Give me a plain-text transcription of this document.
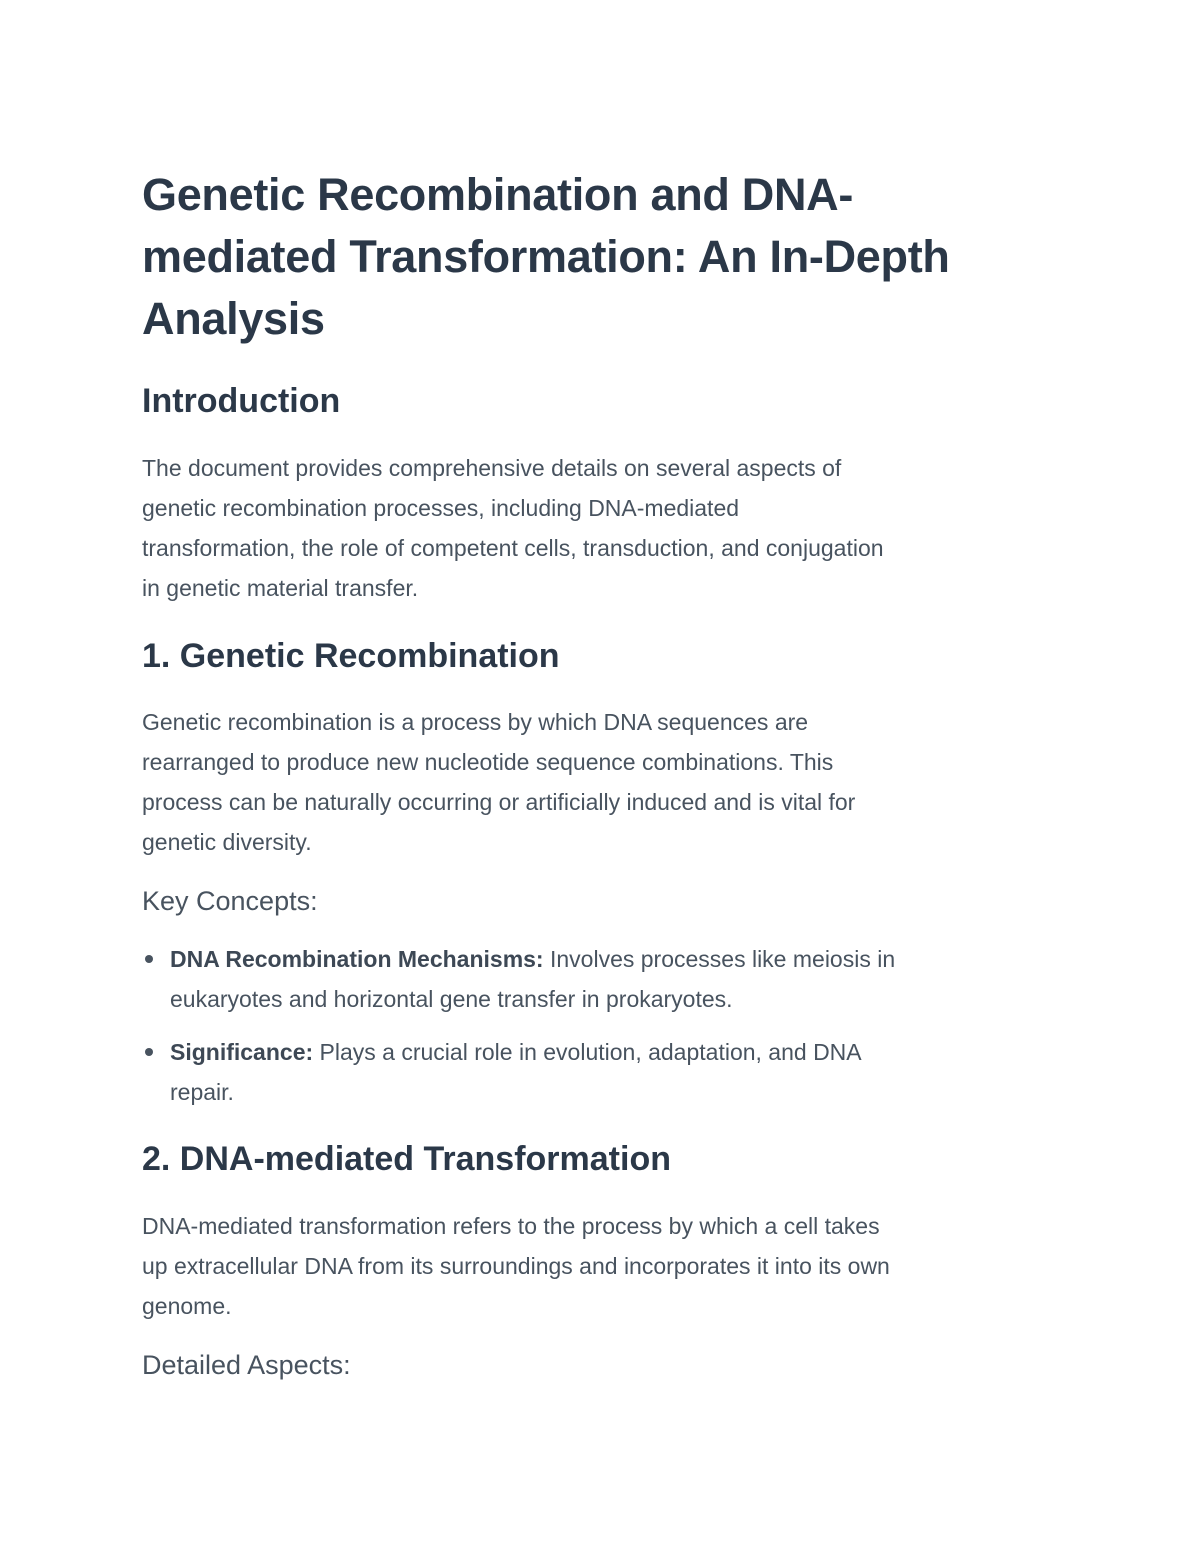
Genetic Recombination and DNA-
mediated Transformation: An In-Depth
Analysis
Introduction
The document provides comprehensive details on several aspects of
genetic recombination processes, including DNA-mediated
transformation, the role of competent cells, transduction, and conjugation
in genetic material transfer.
1. Genetic Recombination
Genetic recombination is a process by which DNA sequences are
rearranged to produce new nucleotide sequence combinations. This
process can be naturally occurring or artificially induced and is vital for
genetic diversity.
Key Concepts:
DNA Recombination Mechanisms: Involves processes like meiosis in
eukaryotes and horizontal gene transfer in prokaryotes.
Significance: Plays a crucial role in evolution, adaptation, and DNA
repair.
2. DNA-mediated Transformation
DNA-mediated transformation refers to the process by which a cell takes
up extracellular DNA from its surroundings and incorporates it into its own
genome.
Detailed Aspects:
